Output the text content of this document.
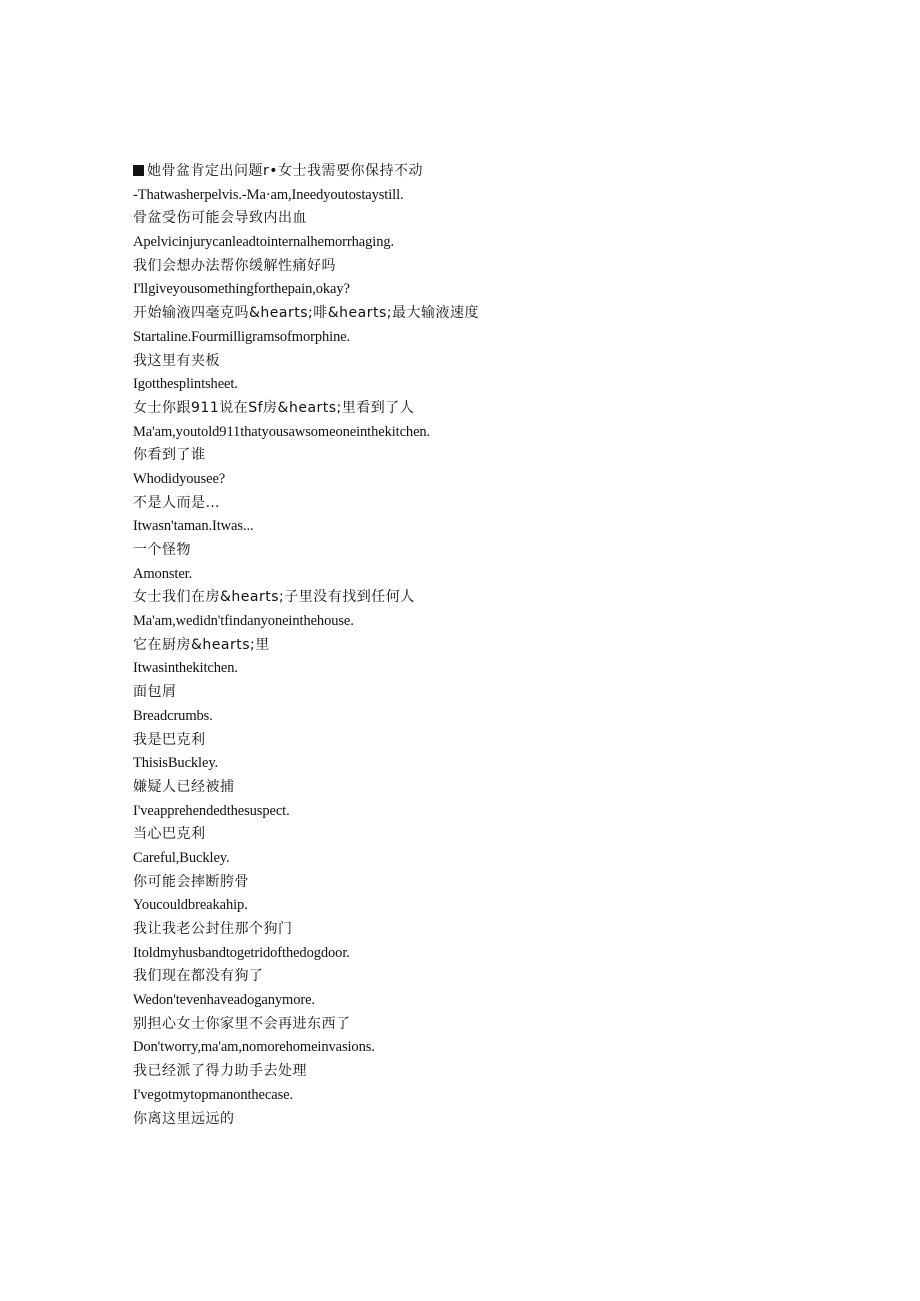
她骨盆肯定出问题r•女士我需要你保持不动
-Thatwasherpelvis.-Ma·am,Ineedyoutostaystill.
骨盆受伤可能会导致内出血
Apelvicinjurycanleadtointernalhemorrhaging.
我们会想办法帮你缓解性痛好吗
I'llgiveyousomethingforthepain,okay?
开始输液四毫克吗&hearts;啡&hearts;最大输液速度
Startaline.Fourmilligramsofmorphine.
我这里有夹板
Igotthesplintsheet.
女士你跟911说在Sf房&hearts;里看到了人
Ma'am,youtold911thatyousawsomeoneinthekitchen.
你看到了谁
Whodidyousee?
不是人而是…
Itwasn'taman.Itwas...
一个怪物
Amonster.
女士我们在房&hearts;子里没有找到任何人
Ma'am,wedidn'tfindanyoneinthehouse.
它在厨房&hearts;里
Itwasinthekitchen.
面包屑
Breadcrumbs.
我是巴克利
ThisisBuckley.
嫌疑人已经被捕
I'veapprehendedthesuspect.
当心巴克利
Careful,Buckley.
你可能会摔断胯骨
Youcouldbreakahip.
我让我老公封住那个狗门
Itoldmyhusbandtogetridofthedogdoor.
我们现在都没有狗了
Wedon'tevenhaveadoganymore.
别担心女士你家里不会再进东西了
Don'tworry,ma'am,nomorehomeinvasions.
我已经派了得力助手去处理
I'vegotmytopmanonthecase.
你离这里远远的
